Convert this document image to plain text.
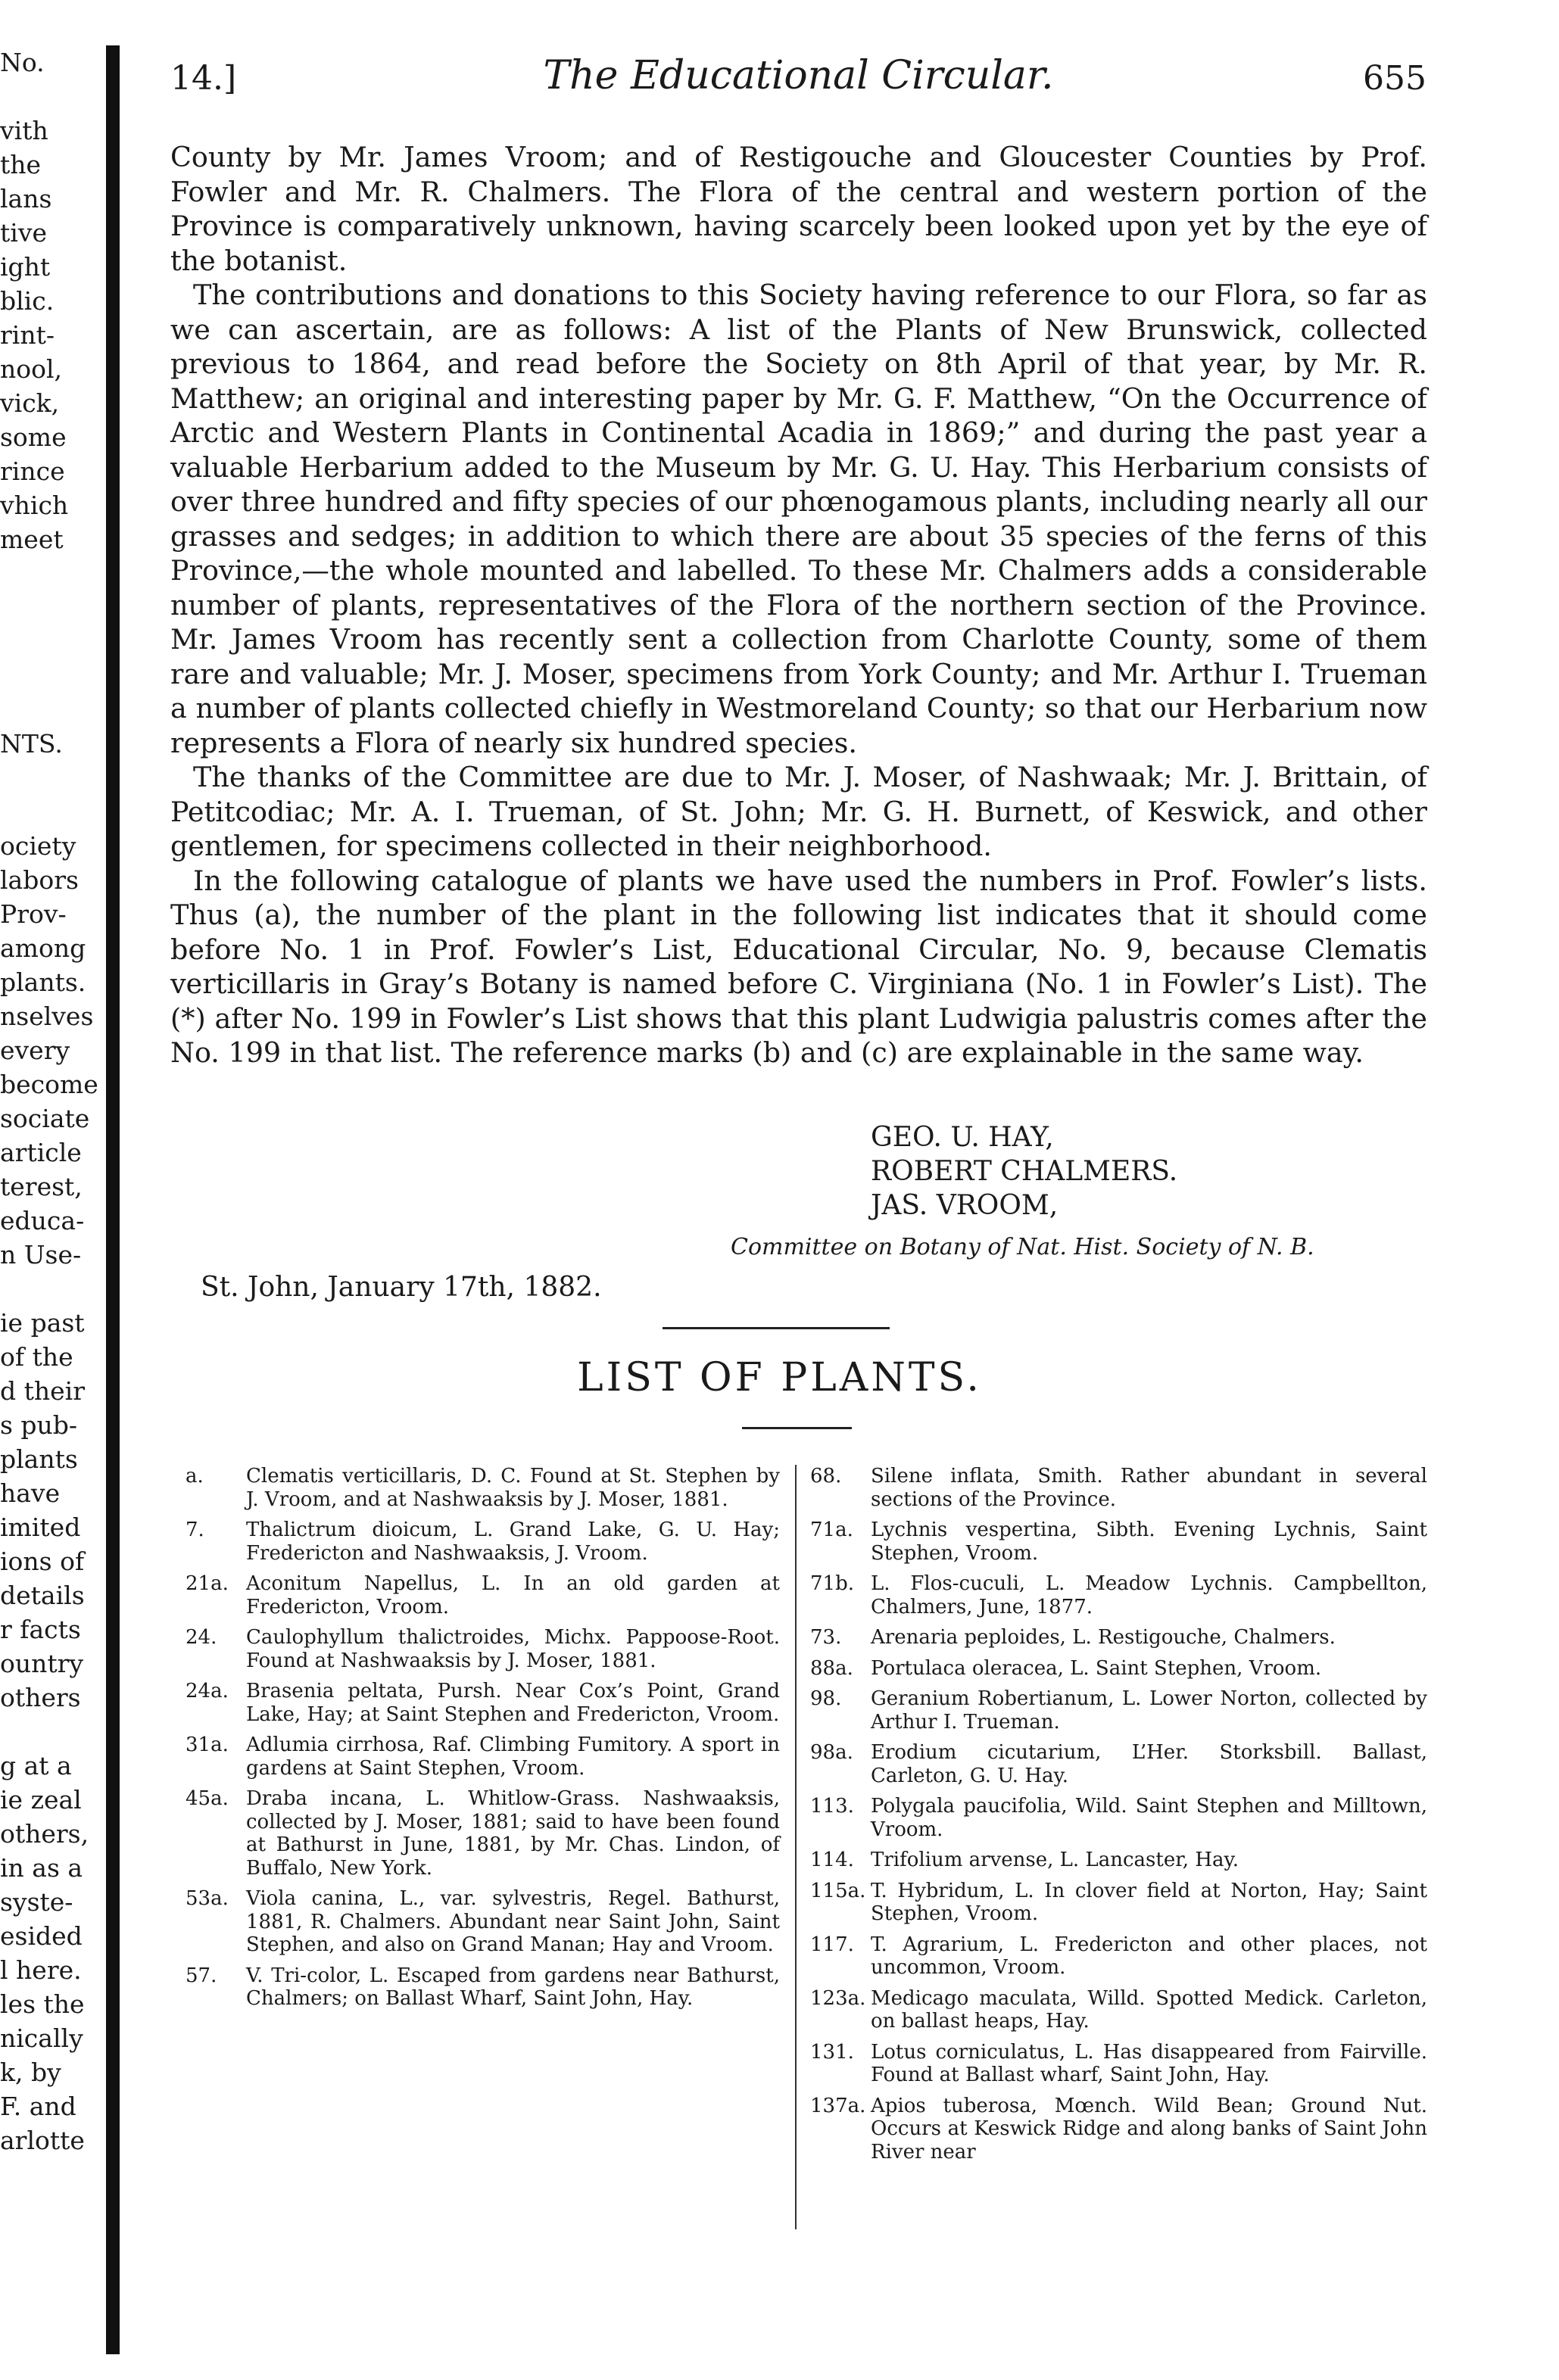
No.

vith
the
lans
tive
ight
blic.
rint-
nool,
vick,
some
rince
vhich
meet

NTS.

ociety
labors
Prov-
among
plants.
nselves
every
become
sociate
article
terest,
educa-
n Use-

ie past
of the
d their
s pub-
plants
have
imited
ions of
details
r facts
ountry
others

g at a
ie zeal
others,
in as a
syste-
esided
l here.
les the
nically
k, by
F. and
arlotte
14.]	The Educational Circular.	655

County by Mr. James Vroom; and of Restigouche and Gloucester Counties by Prof. Fowler and Mr. R. Chalmers. The Flora of the central and western portion of the Province is comparatively unknown, having scarcely been looked upon yet by the eye of the botanist.

The contributions and donations to this Society having reference to our Flora, so far as we can ascertain, are as follows: A list of the Plants of New Brunswick, collected previous to 1864, and read before the Society on 8th April of that year, by Mr. R. Matthew; an original and interesting paper by Mr. G. F. Matthew, “On the Occurrence of Arctic and Western Plants in Continental Acadia in 1869;” and during the past year a valuable Herbarium added to the Museum by Mr. G. U. Hay. This Herbarium consists of over three hundred and fifty species of our phœnogamous plants, including nearly all our grasses and sedges; in addition to which there are about 35 species of the ferns of this Province,—the whole mounted and labelled. To these Mr. Chalmers adds a considerable number of plants, representatives of the Flora of the northern section of the Province. Mr. James Vroom has recently sent a collection from Charlotte County, some of them rare and valuable; Mr. J. Moser, specimens from York County; and Mr. Arthur I. Trueman a number of plants collected chiefly in Westmoreland County; so that our Herbarium now represents a Flora of nearly six hundred species.

The thanks of the Committee are due to Mr. J. Moser, of Nashwaak; Mr. J. Brittain, of Petitcodiac; Mr. A. I. Trueman, of St. John; Mr. G. H. Burnett, of Keswick, and other gentlemen, for specimens collected in their neighborhood.

In the following catalogue of plants we have used the numbers in Prof. Fowler’s lists. Thus (a), the number of the plant in the following list indicates that it should come before No. 1 in Prof. Fowler’s List, Educational Circular, No. 9, because Clematis verticillaris in Gray’s Botany is named before C. Virginiana (No. 1 in Fowler’s List). The (*) after No. 199 in Fowler’s List shows that this plant Ludwigia palustris comes after the No. 199 in that list. The reference marks (b) and (c) are explainable in the same way.

GEO. U. HAY,
ROBERT CHALMERS.
JAS. VROOM,
Committee on Botany of Nat. Hist. Society of N. B.
St. John, January 17th, 1882.
LIST OF PLANTS.
a.	Clematis verticillaris, D. C. Found at St. Stephen by J. Vroom, and at Nashwaaksis by J. Moser, 1881.
7.	Thalictrum dioicum, L. Grand Lake, G. U. Hay; Fredericton and Nashwaaksis, J. Vroom.
21a. Aconitum Napellus, L. In an old garden at Fredericton, Vroom.
24.	Caulophyllum thalictroides, Michx. Pappoose-Root. Found at Nashwaaksis by J. Moser, 1881.
24a. Brasenia peltata, Pursh. Near Cox’s Point, Grand Lake, Hay; at Saint Stephen and Fredericton, Vroom.
31a. Adlumia cirrhosa, Raf. Climbing Fumitory. A sport in gardens at Saint Stephen, Vroom.
45a. Draba incana, L. Whitlow-Grass. Nashwaaksis, collected by J. Moser, 1881; said to have been found at Bathurst in June, 1881, by Mr. Chas. Lindon, of Buffalo, New York.
53a. Viola canina, L., var. sylvestris, Regel. Bathurst, 1881, R. Chalmers. Abundant near Saint John, Saint Stephen, and also on Grand Manan; Hay and Vroom.
57.	V. Tri-color, L. Escaped from gardens near Bathurst, Chalmers; on Ballast Wharf, Saint John, Hay.
68.	Silene inflata, Smith. Rather abundant in several sections of the Province.
71a. Lychnis vespertina, Sibth. Evening Lychnis, Saint Stephen, Vroom.
71b. L. Flos-cuculi, L. Meadow Lychnis. Campbellton, Chalmers, June, 1877.
73.	Arenaria peploides, L. Restigouche, Chalmers.
88a. Portulaca oleracea, L. Saint Stephen, Vroom.
98.	Geranium Robertianum, L. Lower Norton, collected by Arthur I. Trueman.
98a. Erodium cicutarium, L’Her. Storksbill. Ballast, Carleton, G. U. Hay.
113. Polygala paucifolia, Wild. Saint Stephen and Milltown, Vroom.
114. Trifolium arvense, L. Lancaster, Hay.
115a. T. Hybridum, L. In clover field at Norton, Hay; Saint Stephen, Vroom.
117. T. Agrarium, L. Fredericton and other places, not uncommon, Vroom.
123a. Medicago maculata, Willd. Spotted Medick. Carleton, on ballast heaps, Hay.
131. Lotus corniculatus, L. Has disappeared from Fairville. Found at Ballast wharf, Saint John, Hay.
137a. Apios tuberosa, Mœnch. Wild Bean; Ground Nut. Occurs at Keswick Ridge and along banks of Saint John River near
